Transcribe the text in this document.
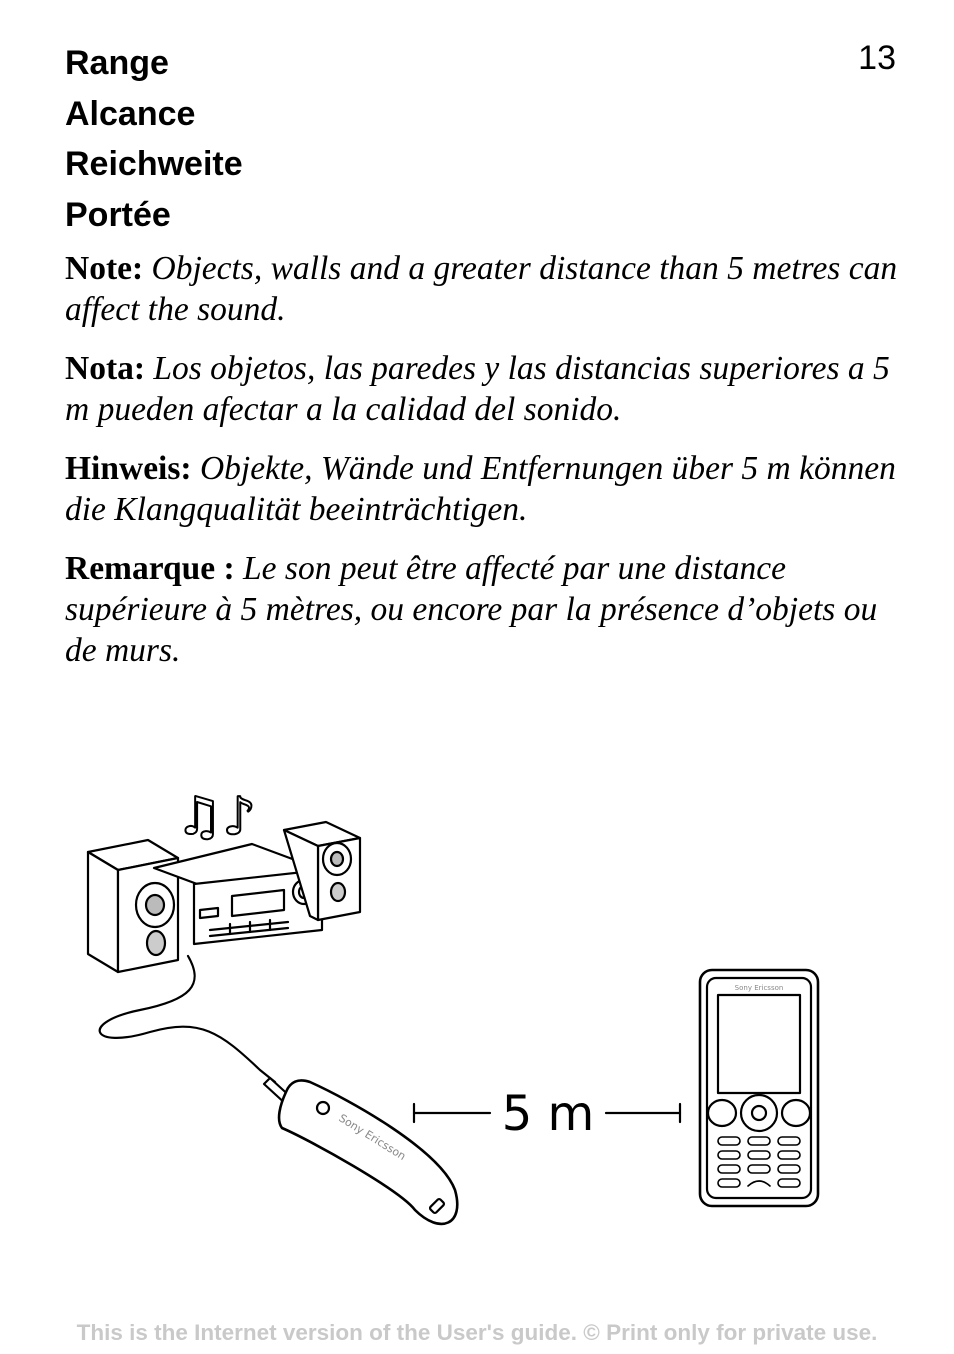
13
Range
Alcance
Reichweite
Portée
Note: Objects, walls and a greater distance than 5 metres can affect the sound.
Nota: Los objetos, las paredes y las distancias superiores a 5 m pueden afectar a la calidad del sonido.
Hinweis: Objekte, Wände und Entfernungen über 5 m können die Klangqualität beeinträchtigen.
Remarque : Le son peut être affecté par une distance supérieure à 5 mètres, ou encore par la présence d’objets ou de murs.
♫♪
Sony Ericsson 5 m
Sony Ericsson
This is the Internet version of the User's guide. © Print only for private use.
